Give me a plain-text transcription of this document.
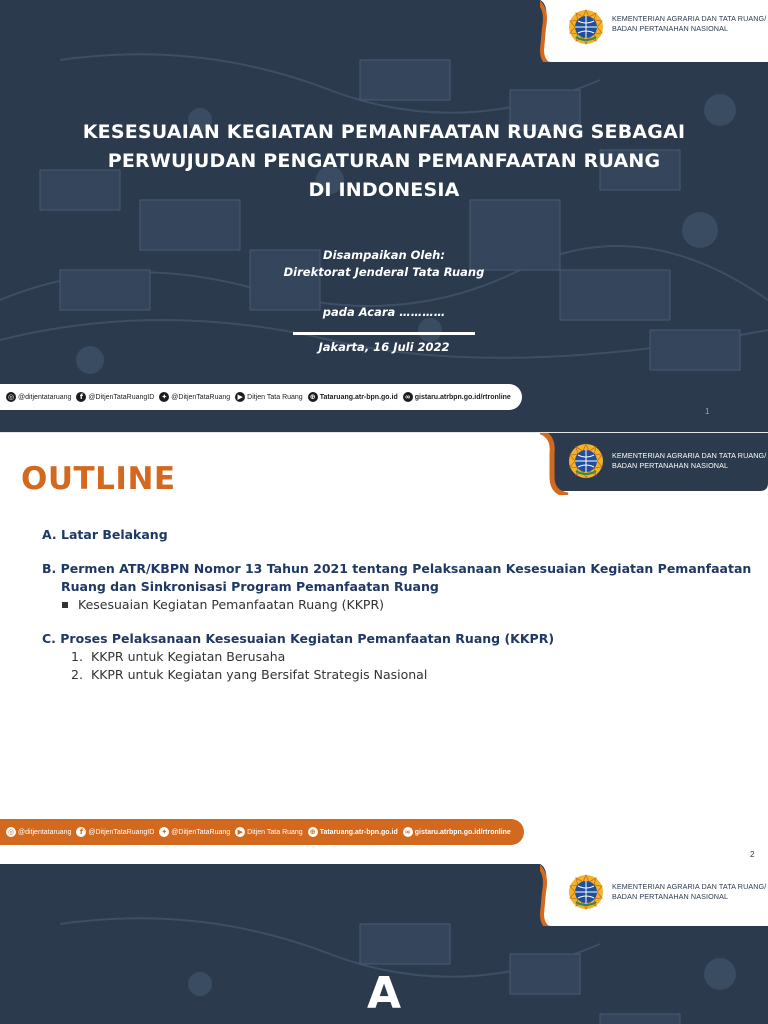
KEMENTERIAN AGRARIA DAN TATA RUANG/
BADAN PERTANAHAN NASIONAL
KESESUAIAN KEGIATAN PEMANFAATAN RUANG SEBAGAI
PERWUJUDAN PENGATURAN PEMANFAATAN RUANG
DI INDONESIA
Disampaikan Oleh:
Direktorat Jenderal Tata Ruang
pada Acara …………
Jakarta, 16 Juli 2022
◎ @ditjentataruang	f @DitjenTataRuangID ✦ @DitjenTataRuang	▶ Ditjen Tata Ruang ⊕ Tataruang.atr-bpn.go.id ∞ gistaru.atrbpn.go.id/rtronline
1
KEMENTERIAN AGRARIA DAN TATA RUANG/
BADAN PERTANAHAN NASIONAL
OUTLINE

A. Latar Belakang

B. Permen ATR/KBPN Nomor 13 Tahun 2021 tentang Pelaksanaan Kesesuaian Kegiatan Pemanfaatan

Ruang dan Sinkronisasi Program Pemanfaatan Ruang

Kesesuaian Kegiatan Pemanfaatan Ruang (KKPR)

C. Proses Pelaksanaan Kesesuaian Kegiatan Pemanfaatan Ruang (KKPR)

1. KKPR untuk Kegiatan Berusaha

2. KKPR untuk Kegiatan yang Bersifat Strategis Nasional

◎ @ditjentataruang	f @DitjenTataRuangID ✦ @DitjenTataRuang	▶ Ditjen Tata Ruang ⊕ Tataruang.atr-bpn.go.id ∞ gistaru.atrbpn.go.id/rtronline
2
KEMENTERIAN AGRARIA DAN TATA RUANG/
BADAN PERTANAHAN NASIONAL
A
